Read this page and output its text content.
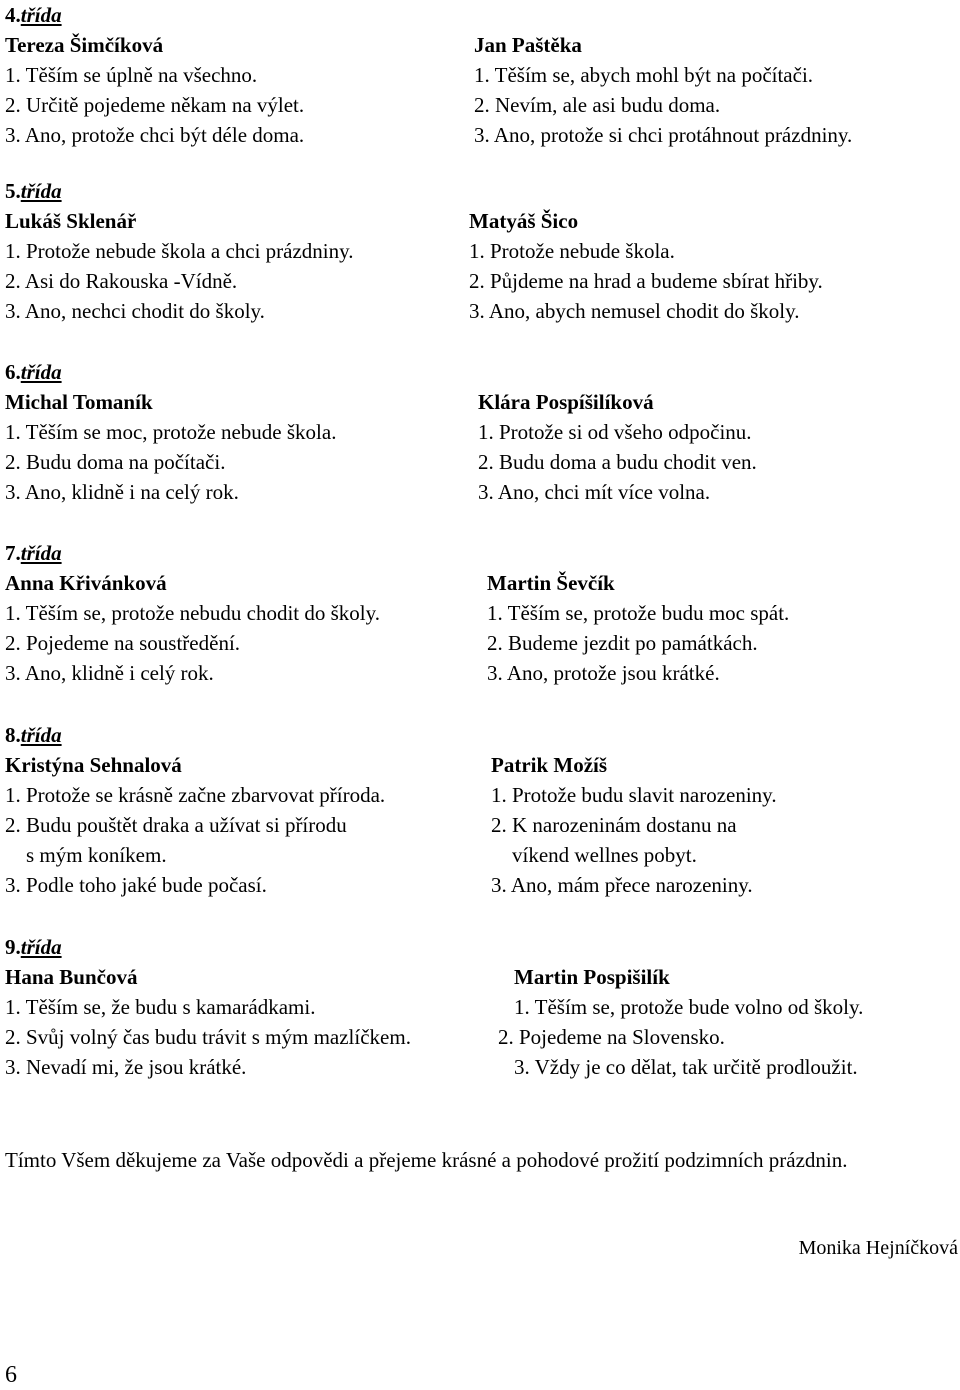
4.třída
Tereza Šimčíková
1. Těším se úplně na všechno.
2. Určitě pojedeme někam na výlet.
3. Ano, protože chci být déle doma.
Jan Paštěka
1. Těším se, abych mohl být na počítači.
2. Nevím, ale asi budu doma.
3. Ano, protože si chci protáhnout prázdniny.
5.třída
Lukáš Sklenář
1. Protože nebude škola a chci prázdniny.
2. Asi do Rakouska -Vídně.
3. Ano, nechci chodit do školy.
Matyáš Šico
1. Protože nebude škola.
2. Půjdeme na hrad a budeme sbírat hřiby.
3. Ano, abych nemusel chodit do školy.
6.třída
Michal Tomaník
1. Těším se moc, protože nebude škola.
2. Budu doma na počítači.
3. Ano, klidně i na celý rok.
Klára Pospíšilíková
1. Protože si od všeho odpočinu.
2. Budu doma a budu chodit ven.
3. Ano, chci mít více volna.
7.třída
Anna Křivánková
1. Těším se, protože nebudu chodit do školy.
2. Pojedeme na soustředění.
3. Ano, klidně i celý rok.
Martin Ševčík
1. Těším se, protože budu moc spát.
2. Budeme jezdit po památkách.
3. Ano, protože jsou krátké.
8.třída
Kristýna Sehnalová
1. Protože se krásně začne zbarvovat příroda.
2. Budu pouštět draka a užívat si přírodu
s mým koníkem.
3. Podle toho jaké bude počasí.
Patrik Možíš
1. Protože budu slavit narozeniny.
2. K narozeninám dostanu na
víkend wellnes pobyt.
3. Ano, mám přece narozeniny.
9.třída
Hana Bunčová
1. Těším se, že budu s kamarádkami.
2. Svůj volný čas budu trávit s mým mazlíčkem.
3. Nevadí mi, že jsou krátké.
Martin Pospišilík
1. Těším se, protože bude volno od školy.
2. Pojedeme na Slovensko.
3. Vždy je co dělat, tak určitě prodloužit.
Tímto Všem děkujeme za Vaše odpovědi a přejeme krásné a pohodové prožití podzimních prázdnin.
Monika Hejníčková
6
